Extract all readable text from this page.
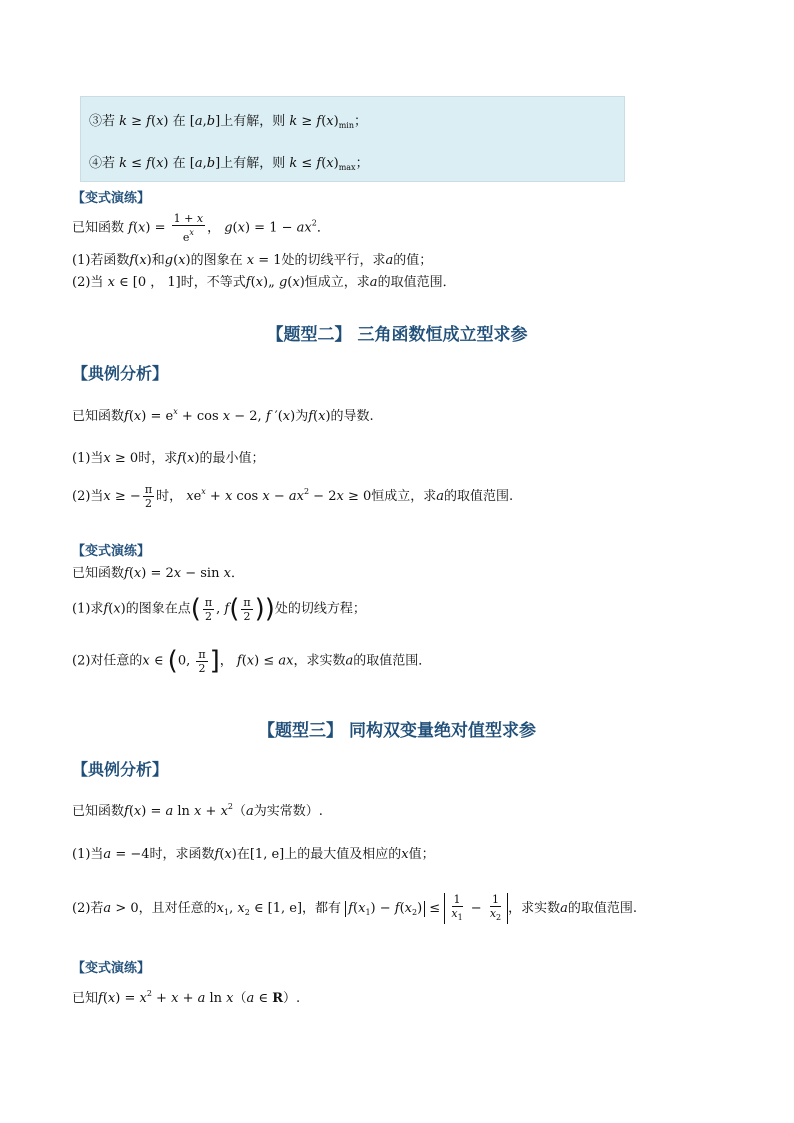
③若 k ≥ f(x) 在 [a,b]上有解，则 $k \ge f(x)_{min}$；
④若 k ≤ f(x) 在 [a,b]上有解，则 $k \le f(x)_{max}$；
【变式演练】
已知函数 $f(x) = \frac{1 + x}{e^x}$ ， $g(x) = 1 - ax^2$．
(1)若函数f(x)和g(x)的图象在 x = 1处的切线平行，求a的值；
(2)当 x ∈ [0 ， 1]时，不等式f(x)„ g(x)恒成立，求a的取值范围．
【题型二】 三角函数恒成立型求参
【典例分析】
已知函数$f(x) = e^x + \cos x - 2$, f ′(x)为f(x)的导数.
(1)当x ≥ 0时，求f(x)的最小值；
(2)当x ≥ − $\frac{\pi}{2}$ 时， $xe^x + x$ $\cos x - ax^2 - 2x \ge 0$恒成立，求a的取值范围.
【变式演练】
已知函数f(x) = 2x − sin x．
(1)求f(x)的图象在点( $\frac{\pi}{2}$ , $f( \frac{\pi}{2}$ ))处的切线方程；
(2)对任意的x ∈ (0, $\frac{\pi}{2}$ ]， f(x) ≤ ax，求实数a的取值范围．
【题型三】 同构双变量绝对值型求参
【典例分析】
已知函数f(x) = a $\ln x + x^2(a$为实常数）.
(1)当a = −4时，求函数f(x)在[1, e]上的最大值及相应的x值；
(2)若a > 0，且对任意的$x_1$, $x_2$ ∈ [1, e]，都有 $f(x_1) - f(x_2) \le \frac{1}{x_1} - \frac{1}{x_2}$ ，求实数a的取值范围.
【变式演练】
已知$f(x) = x^2 + x + a$ ln x（a ∈ R）.
